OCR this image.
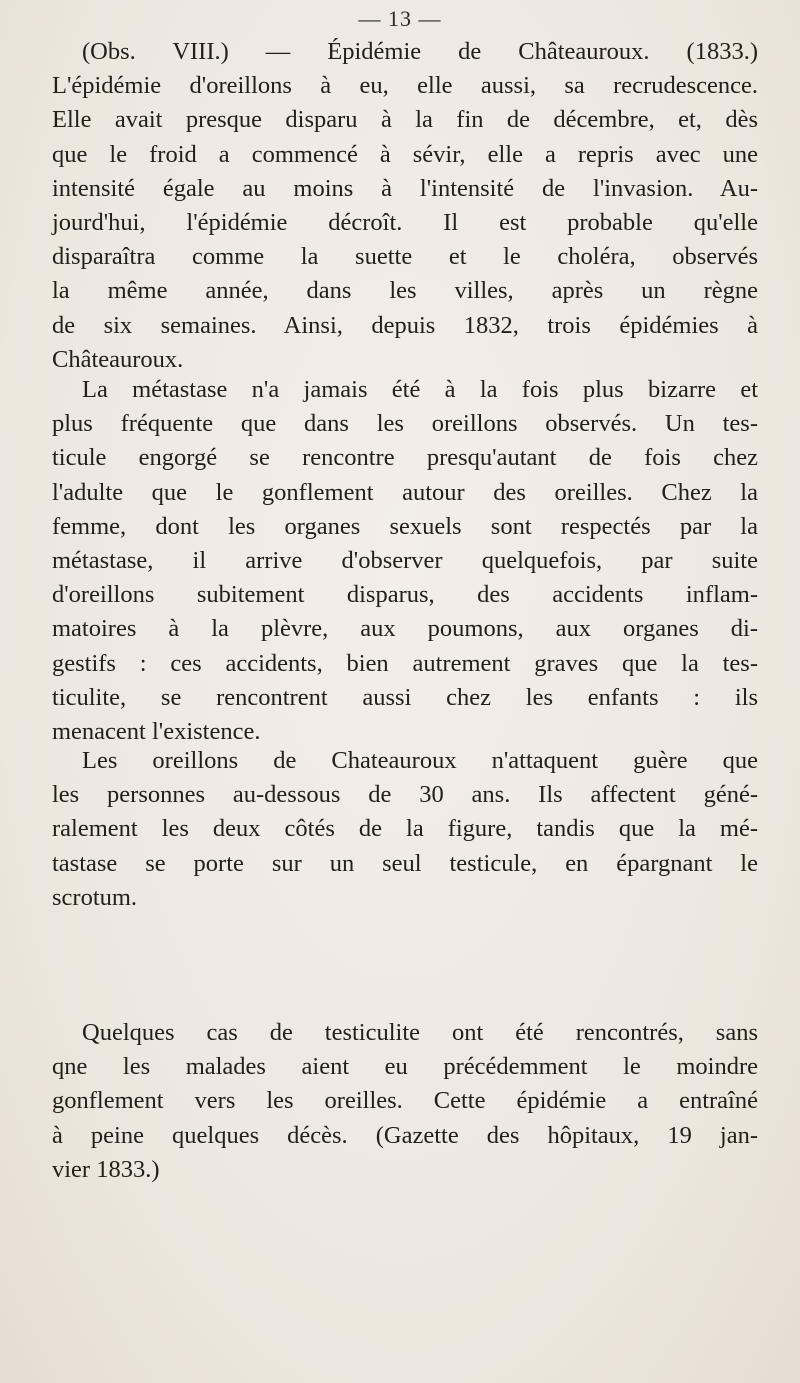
— 13 —
(Obs. VIII.) — Épidémie de Châteauroux. (1833.)
L'épidémie d'oreillons à eu, elle aussi, sa recrudescence.
Elle avait presque disparu à la fin de décembre, et, dès
que le froid a commencé à sévir, elle a repris avec une
intensité égale au moins à l'intensité de l'invasion. Au-
jourd'hui, l'épidémie décroît. Il est probable qu'elle
disparaîtra comme la suette et le choléra, observés
la même année, dans les villes, après un règne
de six semaines. Ainsi, depuis 1832, trois épidémies à
Châteauroux.
La métastase n'a jamais été à la fois plus bizarre et
plus fréquente que dans les oreillons observés. Un tes-
ticule engorgé se rencontre presqu'autant de fois chez
l'adulte que le gonflement autour des oreilles. Chez la
femme, dont les organes sexuels sont respectés par la
métastase, il arrive d'observer quelquefois, par suite
d'oreillons subitement disparus, des accidents inflam-
matoires à la plèvre, aux poumons, aux organes di-
gestifs : ces accidents, bien autrement graves que la tes-
ticulite, se rencontrent aussi chez les enfants : ils
menacent l'existence.
Les oreillons de Chateauroux n'attaquent guère que
les personnes au-dessous de 30 ans. Ils affectent géné-
ralement les deux côtés de la figure, tandis que la mé-
tastase se porte sur un seul testicule, en épargnant le
scrotum.
Quelques cas de testiculite ont été rencontrés, sans
qne les malades aient eu précédemment le moindre
gonflement vers les oreilles. Cette épidémie a entraîné
à peine quelques décès. (Gazette des hôpitaux, 19 jan-
vier 1833.)
